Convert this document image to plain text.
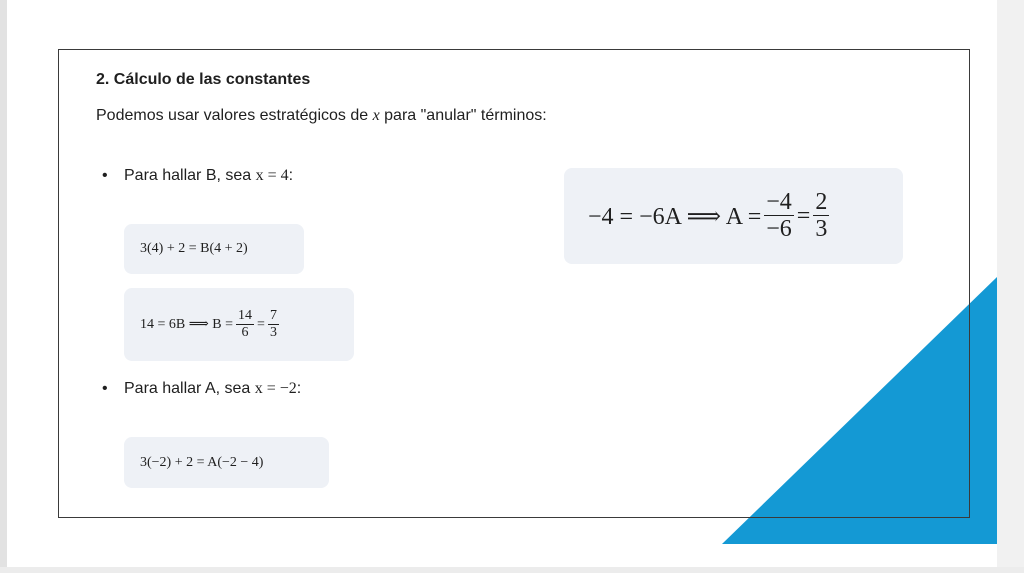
2. Cálculo de las constantes

Podemos usar valores estratégicos de x para "anular" términos:

• Para hallar B, sea x = 4:

3(4) + 2 = B(4 + 2)
14 = 6B ⟹ $B = \frac{14}{6} = \frac{7}{3}$

• Para hallar A, sea x = −2:

3(−2) + 2 = A(−2 − 4)
−4 = −6A ⟹ $A = \frac{-4}{-6} = \frac{2}{3}$
